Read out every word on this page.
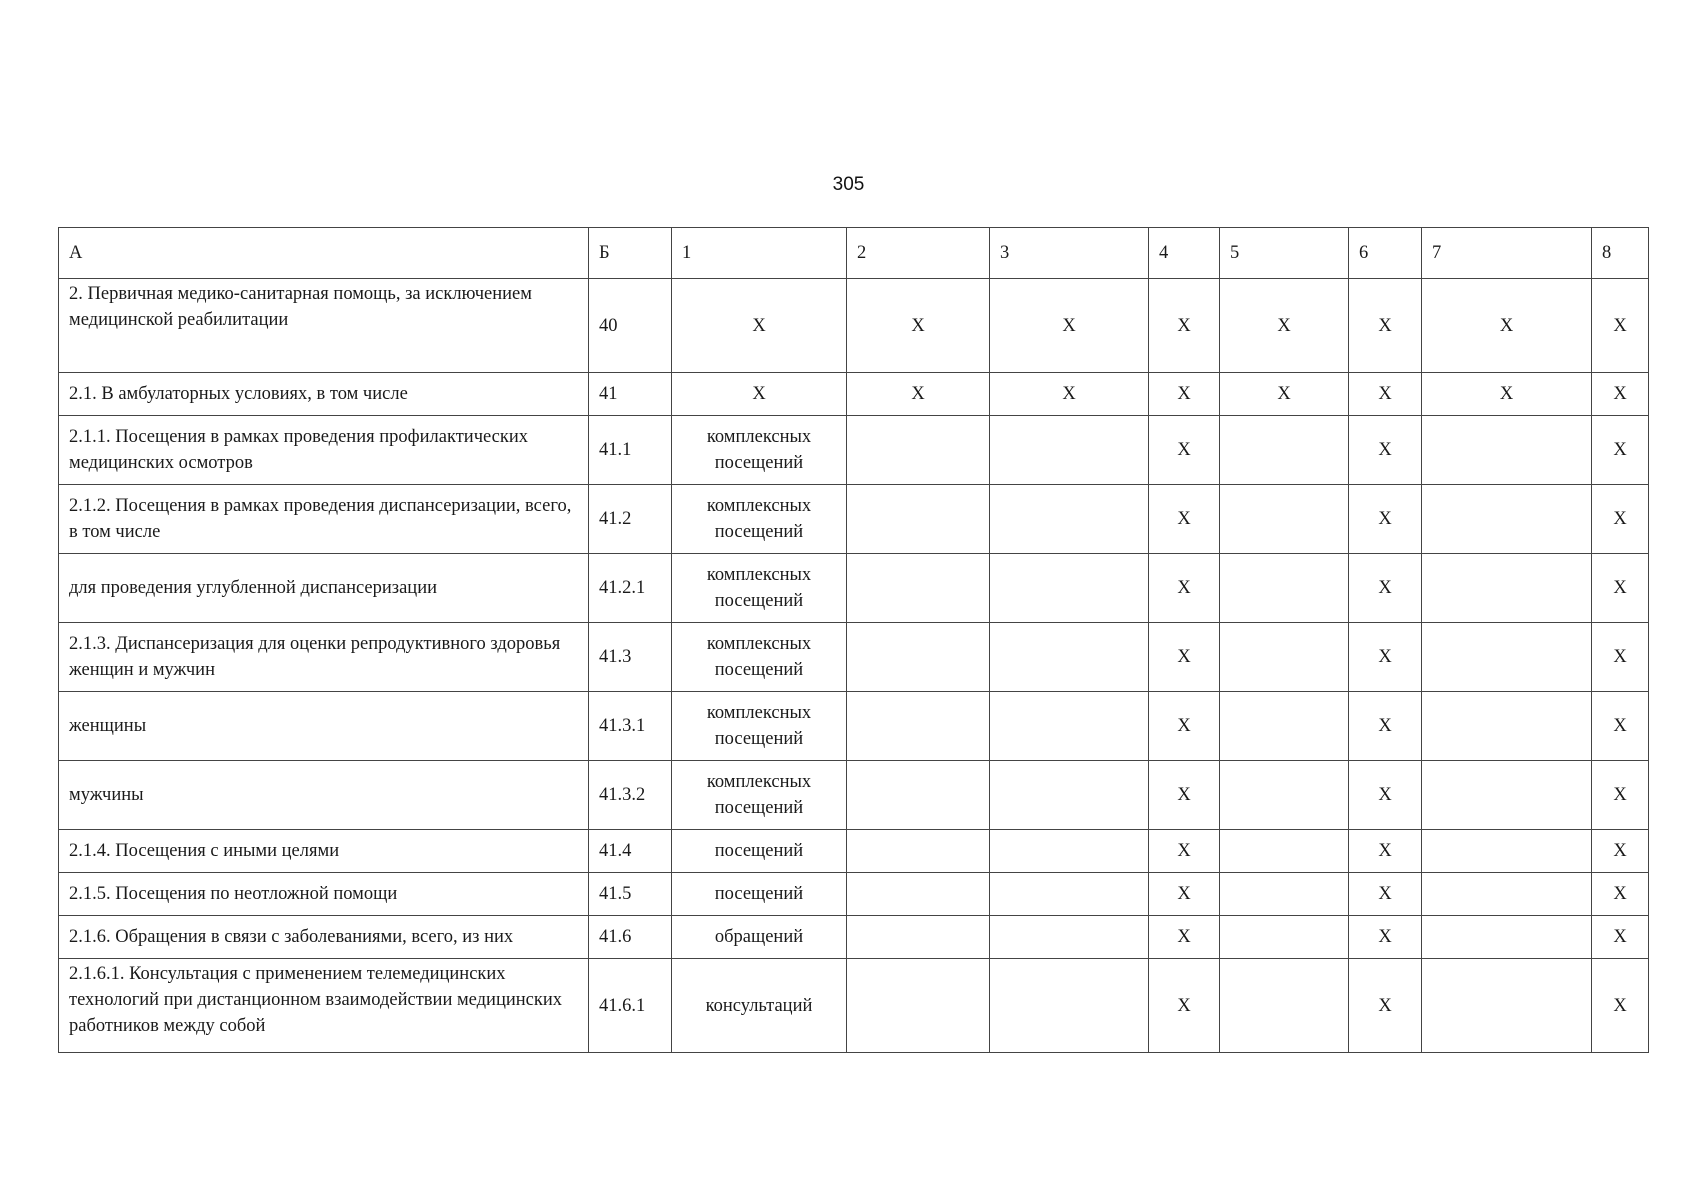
305
А	Б	1	2	3	4	5	6	7	8
2. Первичная медико-санитарная помощь, за исключением медицинской реабилитации	40	Х	Х	Х	Х	Х	Х	Х	Х
2.1. В амбулаторных условиях, в том числе	41	Х	Х	Х	Х	Х	Х	Х	Х
2.1.1. Посещения в рамках проведения профилактических медицинских осмотров	41.1	комплексных посещений			Х		Х		Х
2.1.2. Посещения в рамках проведения диспансеризации, всего, в том числе	41.2	комплексных посещений			Х		Х		Х
для проведения углубленной диспансеризации	41.2.1	комплексных посещений			Х		Х		Х
2.1.3. Диспансеризация для оценки репродуктивного здоровья женщин и мужчин	41.3	комплексных посещений			Х		Х		Х
женщины	41.3.1	комплексных посещений			Х		Х		Х
мужчины	41.3.2	комплексных посещений			Х		Х		Х
2.1.4. Посещения с иными целями	41.4	посещений			Х		Х		Х
2.1.5. Посещения по неотложной помощи	41.5	посещений			Х		Х		Х
2.1.6. Обращения в связи с заболеваниями, всего, из них	41.6	обращений			Х		Х		Х
2.1.6.1. Консультация с применением телемедицинских технологий при дистанционном взаимодействии медицинских работников между собой	41.6.1	консультаций			Х		Х		Х
